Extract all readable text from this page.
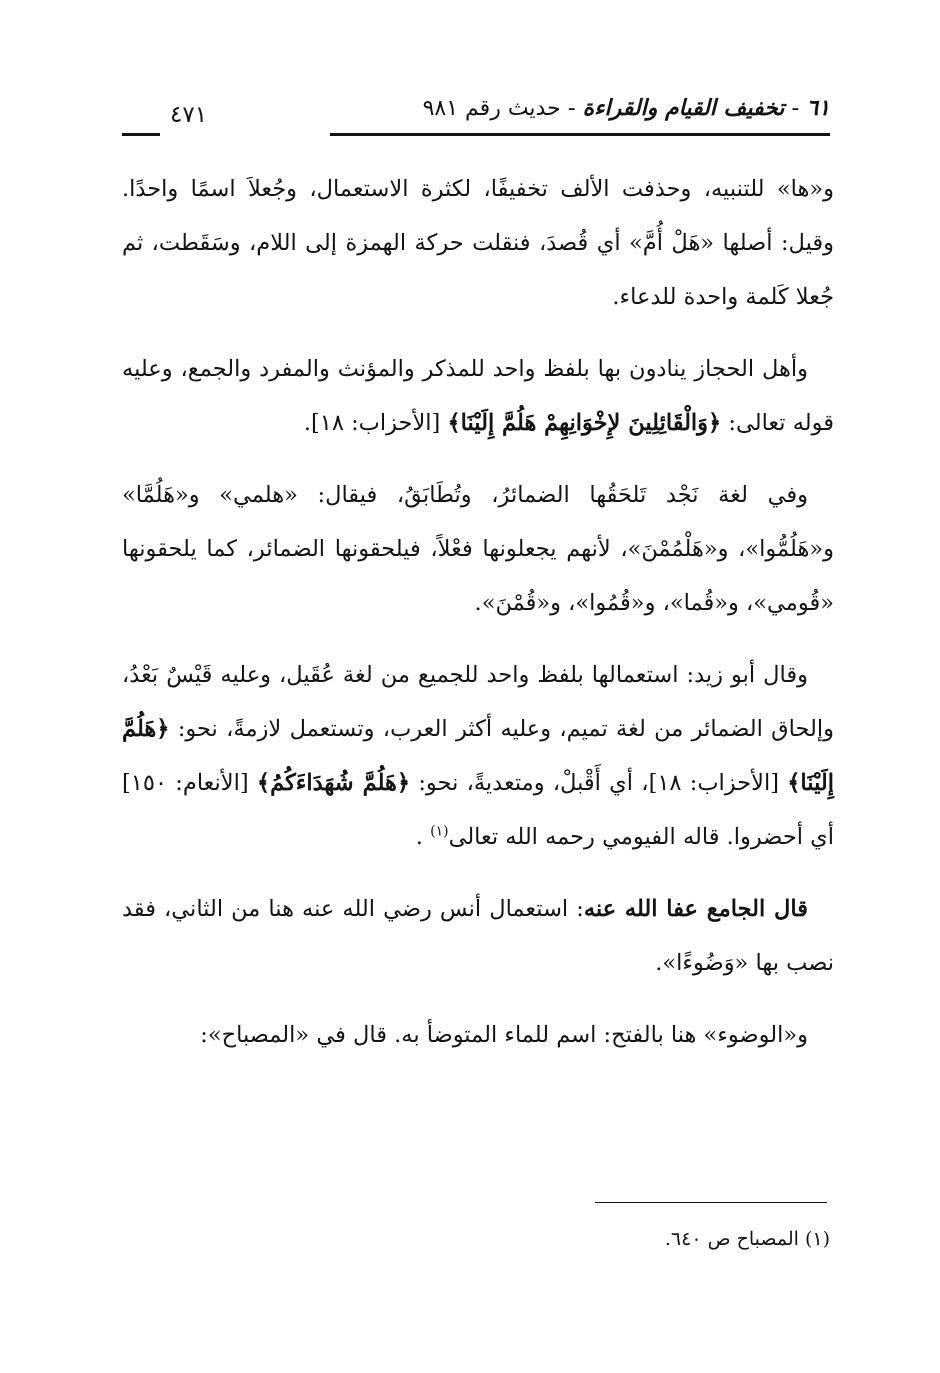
٦١ - تخفيف القيام والقراءة - حديث رقم ٩٨١
٤٧١

و«ها» للتنبيه، وحذفت الألف تخفيفًا، لكثرة الاستعمال، وجُعلاَ اسمًا واحدًا. وقيل: أصلها «هَلْ أُمَّ» أي قُصدَ، فنقلت حركة الهمزة إلى اللام، وسَقَطت، ثم جُعلا كَلمة واحدة للدعاء.

وأهل الحجاز ينادون بها بلفظ واحد للمذكر والمؤنث والمفرد والجمع، وعليه قوله تعالى: ﴿وَالْقَائِلِينَ لإِخْوَانِهِمْ هَلُمَّ إِلَيْنَا﴾ [الأحزاب: ١٨].

وفي لغة نَجْد تَلحَقُها الضمائرُ، وتُطَابَقُ، فيقال: «هلمي» و«هَلُمَّا» و«هَلُمُّوا»، و«هَلْمُمْنَ»، لأنهم يجعلونها فعْلاً، فيلحقونها الضمائر، كما يلحقونها «قُومي»، و«قُما»، و«قُمُوا»، و«قُمْنَ».

وقال أبو زيد: استعمالها بلفظ واحد للجميع من لغة عُقَيل، وعليه قَيْسٌ بَعْدُ، وإلحاق الضمائر من لغة تميم، وعليه أكثر العرب، وتستعمل لازمةً، نحو: ﴿هَلُمَّ إِلَيْنَا﴾ [الأحزاب: ١٨]، أي أَقْبلْ، ومتعديةً، نحو: ﴿هَلُمَّ شُهَدَاءَكُمُ﴾ [الأنعام: ١٥٠] أي أحضروا. قاله الفيومي رحمه الله تعالى$^{(١)}$ .

قال الجامع عفا الله عنه: استعمال أنس رضي الله عنه هنا من الثاني، فقد نصب بها «وَضُوءًا».

و«الوضوء» هنا بالفتح: اسم للماء المتوضأ به. قال في «المصباح»:

(١) المصباح ص ٦٤٠.
